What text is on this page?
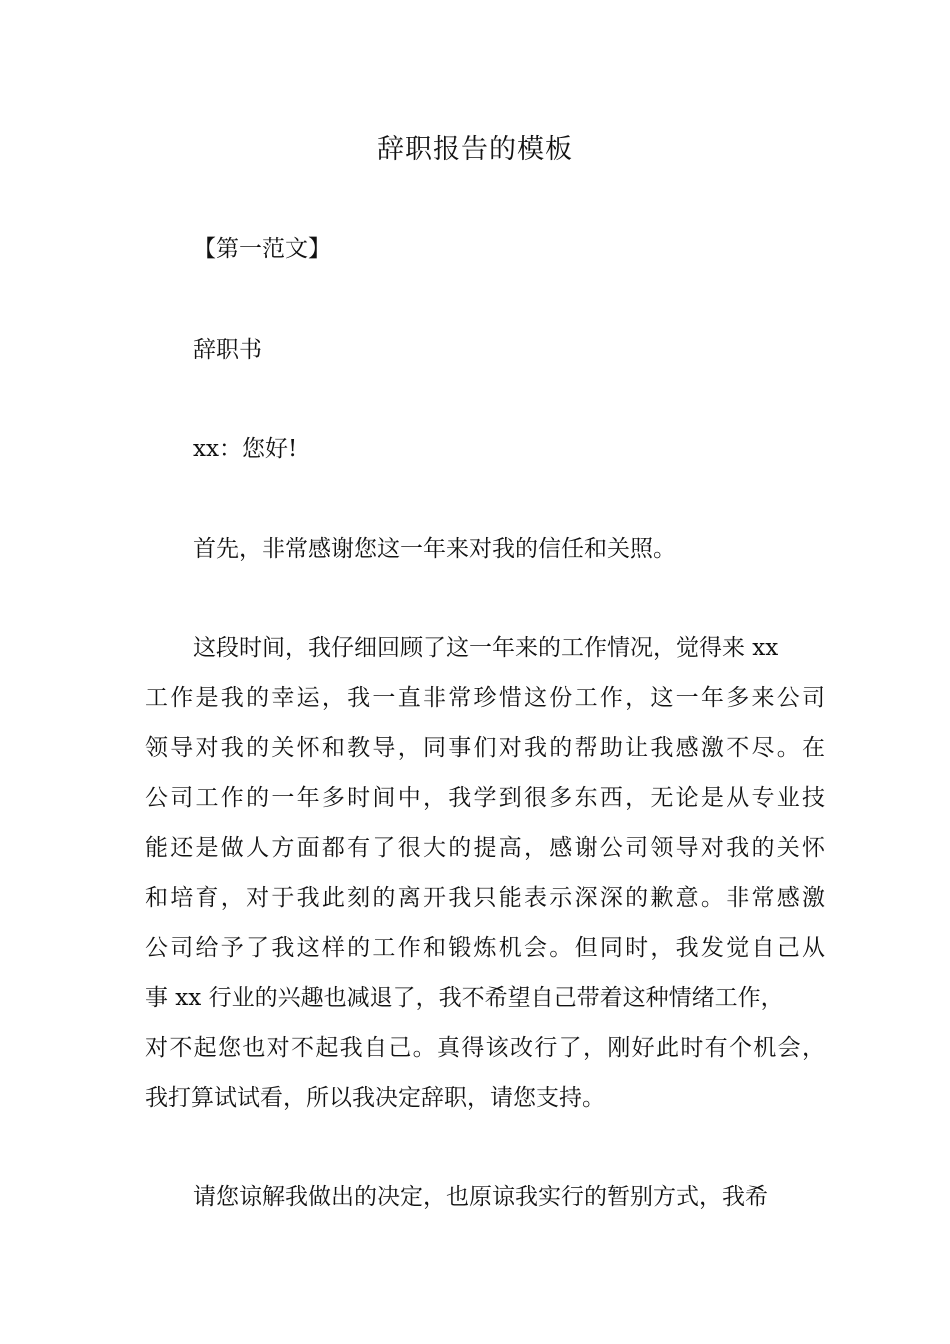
辞职报告的模板
【第一范文】
辞职书
xx：您好!
首先，非常感谢您这一年来对我的信任和关照。
这段时间，我仔细回顾了这一年来的工作情况，觉得来 xx
工作是我的幸运，我一直非常珍惜这份工作，这一年多来公司
领导对我的关怀和教导，同事们对我的帮助让我感激不尽。在
公司工作的一年多时间中，我学到很多东西，无论是从专业技
能还是做人方面都有了很大的提高，感谢公司领导对我的关怀
和培育，对于我此刻的离开我只能表示深深的歉意。非常感激
公司给予了我这样的工作和锻炼机会。但同时，我发觉自己从
事 xx 行业的兴趣也减退了，我不希望自己带着这种情绪工作，
对不起您也对不起我自己。真得该改行了，刚好此时有个机会，
我打算试试看，所以我决定辞职，请您支持。
请您谅解我做出的决定，也原谅我实行的暂别方式，我希
